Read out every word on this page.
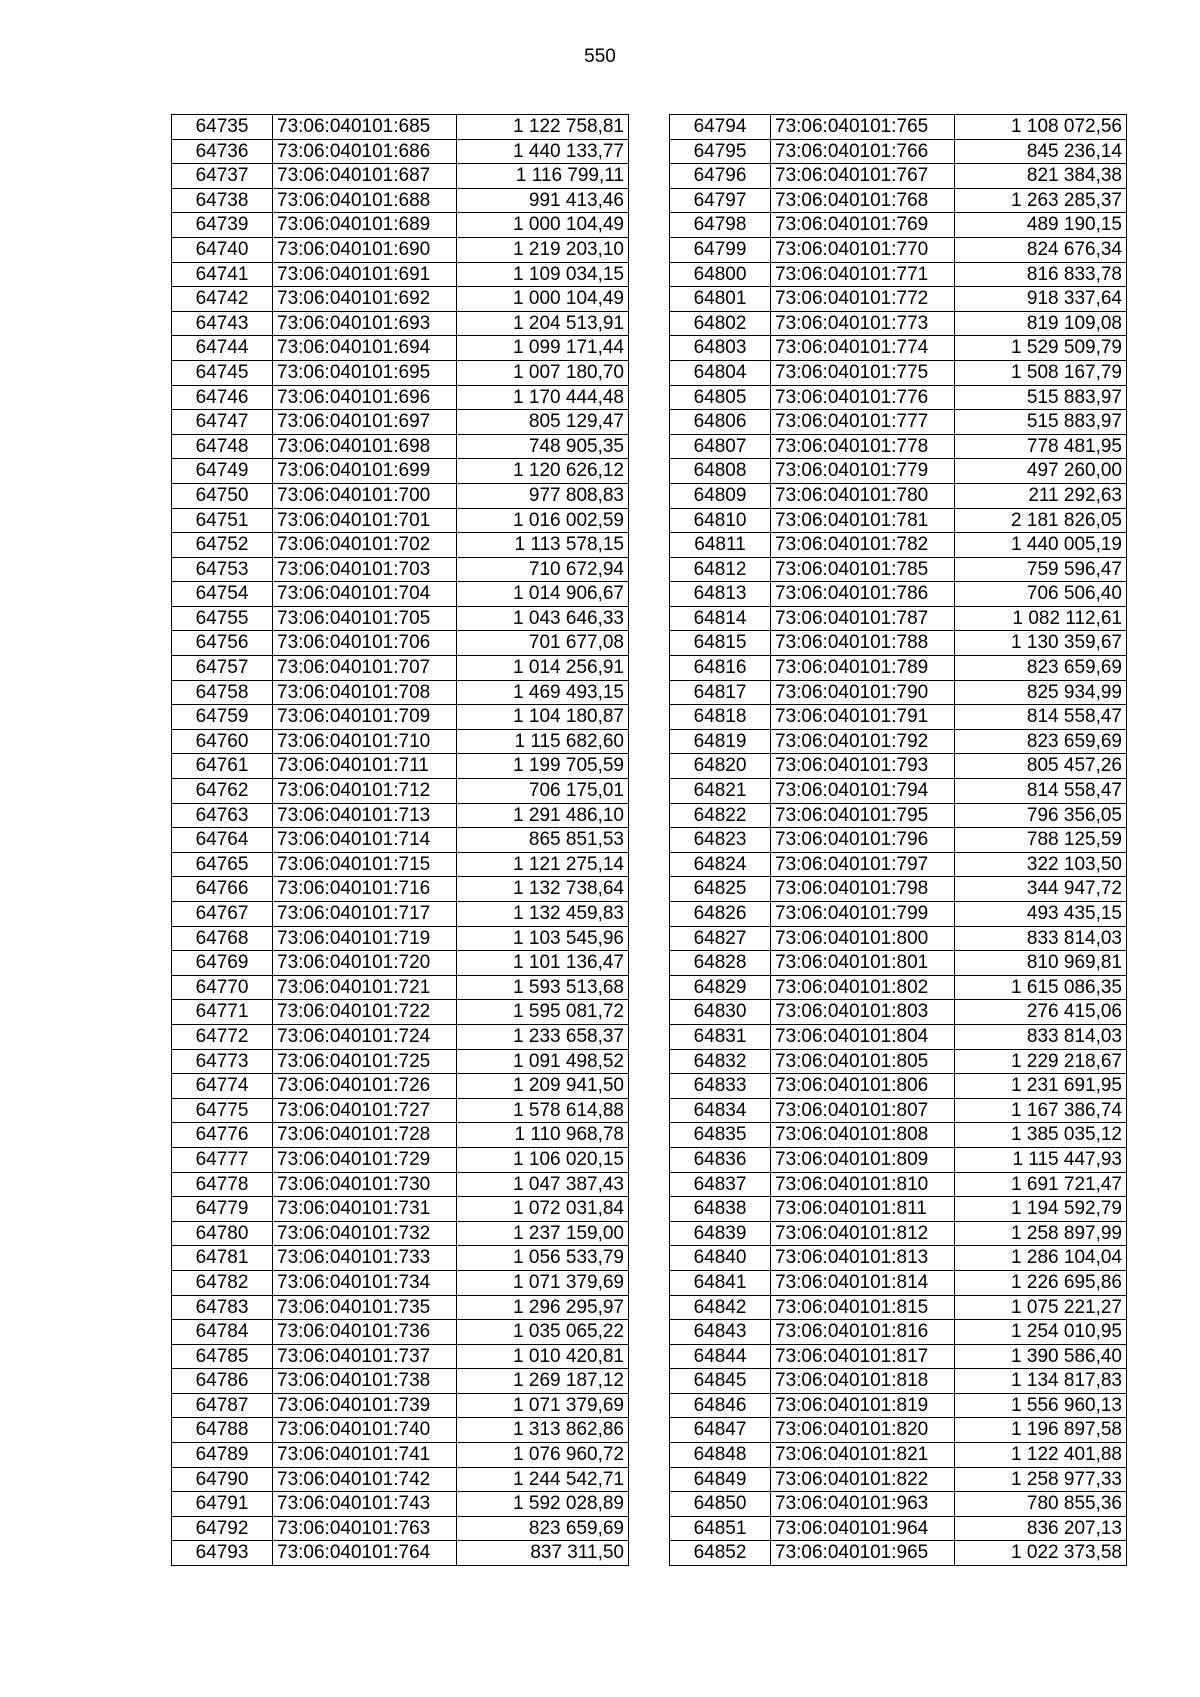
550
64735	73:06:040101:685	1 122 758,81
64736	73:06:040101:686	1 440 133,77
64737	73:06:040101:687	1 116 799,11
64738	73:06:040101:688	991 413,46
64739	73:06:040101:689	1 000 104,49
64740	73:06:040101:690	1 219 203,10
64741	73:06:040101:691	1 109 034,15
64742	73:06:040101:692	1 000 104,49
64743	73:06:040101:693	1 204 513,91
64744	73:06:040101:694	1 099 171,44
64745	73:06:040101:695	1 007 180,70
64746	73:06:040101:696	1 170 444,48
64747	73:06:040101:697	805 129,47
64748	73:06:040101:698	748 905,35
64749	73:06:040101:699	1 120 626,12
64750	73:06:040101:700	977 808,83
64751	73:06:040101:701	1 016 002,59
64752	73:06:040101:702	1 113 578,15
64753	73:06:040101:703	710 672,94
64754	73:06:040101:704	1 014 906,67
64755	73:06:040101:705	1 043 646,33
64756	73:06:040101:706	701 677,08
64757	73:06:040101:707	1 014 256,91
64758	73:06:040101:708	1 469 493,15
64759	73:06:040101:709	1 104 180,87
64760	73:06:040101:710	1 115 682,60
64761	73:06:040101:711	1 199 705,59
64762	73:06:040101:712	706 175,01
64763	73:06:040101:713	1 291 486,10
64764	73:06:040101:714	865 851,53
64765	73:06:040101:715	1 121 275,14
64766	73:06:040101:716	1 132 738,64
64767	73:06:040101:717	1 132 459,83
64768	73:06:040101:719	1 103 545,96
64769	73:06:040101:720	1 101 136,47
64770	73:06:040101:721	1 593 513,68
64771	73:06:040101:722	1 595 081,72
64772	73:06:040101:724	1 233 658,37
64773	73:06:040101:725	1 091 498,52
64774	73:06:040101:726	1 209 941,50
64775	73:06:040101:727	1 578 614,88
64776	73:06:040101:728	1 110 968,78
64777	73:06:040101:729	1 106 020,15
64778	73:06:040101:730	1 047 387,43
64779	73:06:040101:731	1 072 031,84
64780	73:06:040101:732	1 237 159,00
64781	73:06:040101:733	1 056 533,79
64782	73:06:040101:734	1 071 379,69
64783	73:06:040101:735	1 296 295,97
64784	73:06:040101:736	1 035 065,22
64785	73:06:040101:737	1 010 420,81
64786	73:06:040101:738	1 269 187,12
64787	73:06:040101:739	1 071 379,69
64788	73:06:040101:740	1 313 862,86
64789	73:06:040101:741	1 076 960,72
64790	73:06:040101:742	1 244 542,71
64791	73:06:040101:743	1 592 028,89
64792	73:06:040101:763	823 659,69
64793	73:06:040101:764	837 311,50
64794	73:06:040101:765	1 108 072,56
64795	73:06:040101:766	845 236,14
64796	73:06:040101:767	821 384,38
64797	73:06:040101:768	1 263 285,37
64798	73:06:040101:769	489 190,15
64799	73:06:040101:770	824 676,34
64800	73:06:040101:771	816 833,78
64801	73:06:040101:772	918 337,64
64802	73:06:040101:773	819 109,08
64803	73:06:040101:774	1 529 509,79
64804	73:06:040101:775	1 508 167,79
64805	73:06:040101:776	515 883,97
64806	73:06:040101:777	515 883,97
64807	73:06:040101:778	778 481,95
64808	73:06:040101:779	497 260,00
64809	73:06:040101:780	211 292,63
64810	73:06:040101:781	2 181 826,05
64811	73:06:040101:782	1 440 005,19
64812	73:06:040101:785	759 596,47
64813	73:06:040101:786	706 506,40
64814	73:06:040101:787	1 082 112,61
64815	73:06:040101:788	1 130 359,67
64816	73:06:040101:789	823 659,69
64817	73:06:040101:790	825 934,99
64818	73:06:040101:791	814 558,47
64819	73:06:040101:792	823 659,69
64820	73:06:040101:793	805 457,26
64821	73:06:040101:794	814 558,47
64822	73:06:040101:795	796 356,05
64823	73:06:040101:796	788 125,59
64824	73:06:040101:797	322 103,50
64825	73:06:040101:798	344 947,72
64826	73:06:040101:799	493 435,15
64827	73:06:040101:800	833 814,03
64828	73:06:040101:801	810 969,81
64829	73:06:040101:802	1 615 086,35
64830	73:06:040101:803	276 415,06
64831	73:06:040101:804	833 814,03
64832	73:06:040101:805	1 229 218,67
64833	73:06:040101:806	1 231 691,95
64834	73:06:040101:807	1 167 386,74
64835	73:06:040101:808	1 385 035,12
64836	73:06:040101:809	1 115 447,93
64837	73:06:040101:810	1 691 721,47
64838	73:06:040101:811	1 194 592,79
64839	73:06:040101:812	1 258 897,99
64840	73:06:040101:813	1 286 104,04
64841	73:06:040101:814	1 226 695,86
64842	73:06:040101:815	1 075 221,27
64843	73:06:040101:816	1 254 010,95
64844	73:06:040101:817	1 390 586,40
64845	73:06:040101:818	1 134 817,83
64846	73:06:040101:819	1 556 960,13
64847	73:06:040101:820	1 196 897,58
64848	73:06:040101:821	1 122 401,88
64849	73:06:040101:822	1 258 977,33
64850	73:06:040101:963	780 855,36
64851	73:06:040101:964	836 207,13
64852	73:06:040101:965	1 022 373,58
